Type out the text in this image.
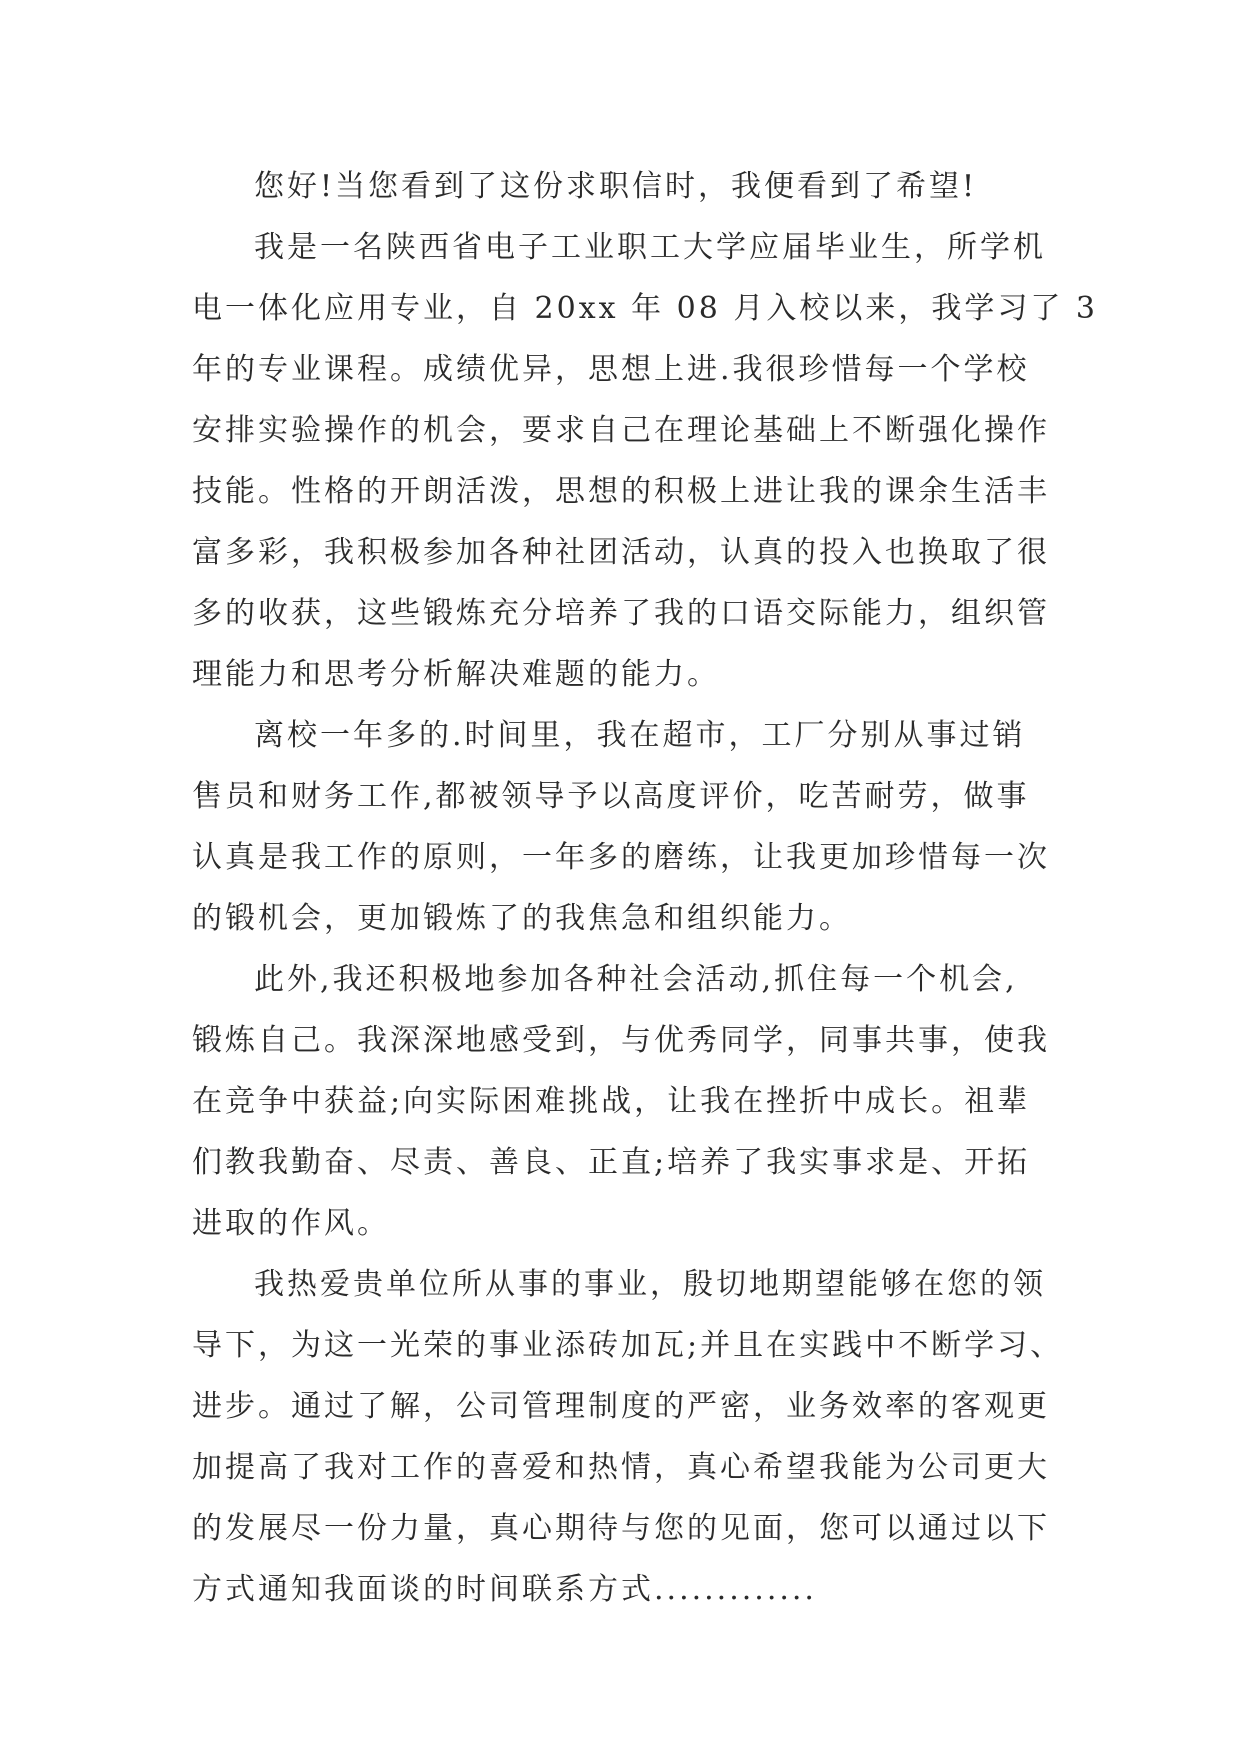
您好!当您看到了这份求职信时，我便看到了希望!
我是一名陕西省电子工业职工大学应届毕业生，所学机
电一体化应用专业，自 20xx 年 08 月入校以来，我学习了 3
年的专业课程。成绩优异，思想上进.我很珍惜每一个学校
安排实验操作的机会，要求自己在理论基础上不断强化操作
技能。性格的开朗活泼，思想的积极上进让我的课余生活丰
富多彩，我积极参加各种社团活动，认真的投入也换取了很
多的收获，这些锻炼充分培养了我的口语交际能力，组织管
理能力和思考分析解决难题的能力。
离校一年多的.时间里，我在超市，工厂分别从事过销
售员和财务工作,都被领导予以高度评价，吃苦耐劳，做事
认真是我工作的原则，一年多的磨练，让我更加珍惜每一次
的锻机会，更加锻炼了的我焦急和组织能力。
此外,我还积极地参加各种社会活动,抓住每一个机会,
锻炼自己。我深深地感受到，与优秀同学，同事共事，使我
在竞争中获益;向实际困难挑战，让我在挫折中成长。祖辈
们教我勤奋、尽责、善良、正直;培养了我实事求是、开拓
进取的作风。
我热爱贵单位所从事的事业，殷切地期望能够在您的领
导下，为这一光荣的事业添砖加瓦;并且在实践中不断学习、
进步。通过了解，公司管理制度的严密，业务效率的客观更
加提高了我对工作的喜爱和热情，真心希望我能为公司更大
的发展尽一份力量，真心期待与您的见面，您可以通过以下
方式通知我面谈的时间联系方式.............
